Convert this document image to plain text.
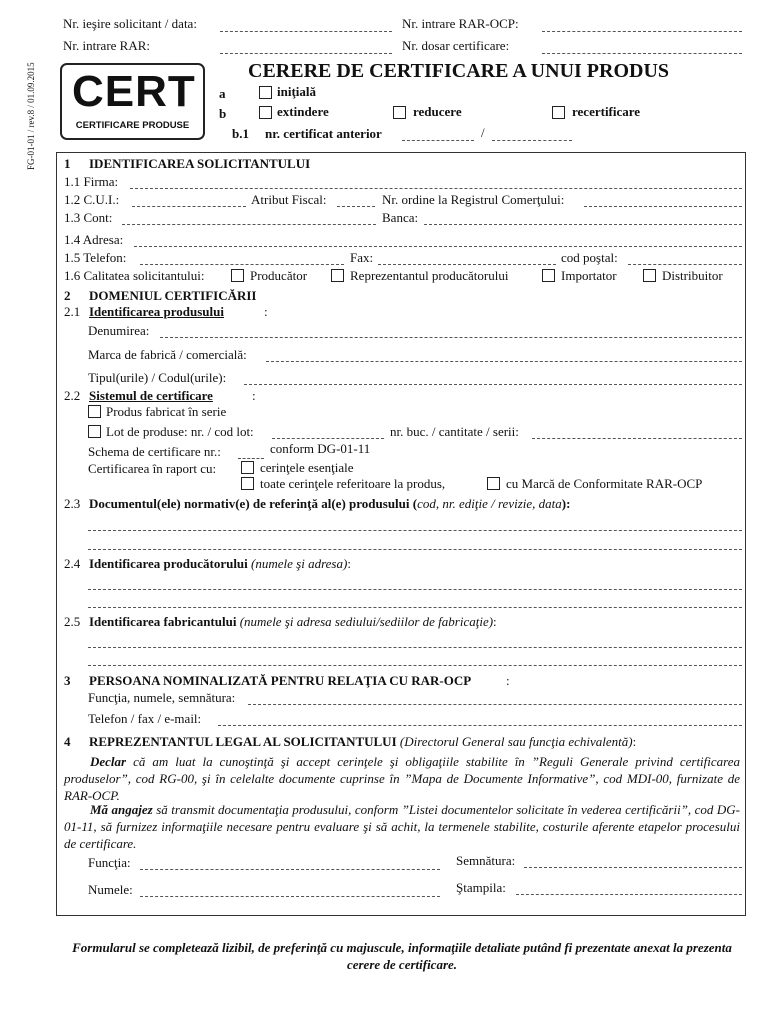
Nr. ieşire solicitant / data:	Nr. intrare RAR-OCP:
Nr. intrare RAR:	Nr. dosar certificare:
FG-01-01 / rev.8 / 01.09.2015 CERT
CERTIFICARE PRODUSE
CERERE DE CERTIFICARE A UNUI PRODUS
a	iniţială
b	extindere	reducere	recertificare
b.1 nr. certificat anterior	/
1 IDENTIFICAREA SOLICITANTULUI
1.1 Firma:
1.2 C.U.I.:	Atribut Fiscal:	Nr. ordine la Registrul Comerţului:
1.3 Cont:	Banca:
1.4 Adresa:
1.5 Telefon:	Fax:	cod poştal:
1.6 Calitatea solicitantului:	Producător	Reprezentantul producătorului	Importator	Distribuitor
2 DOMENIUL CERTIFICĂRII
2.1 Identificarea produsului	:
Denumirea:
Marca de fabrică / comercială:
Tipul(urile) / Codul(urile):
2.2 Sistemul de certificare	:
Produs fabricat în serie
Lot de produse: nr. / cod lot:	nr. buc. / cantitate / serii:
Schema de certificare nr.:	conform DG-01-11
Certificarea în raport cu:	cerinţele esenţiale
toate cerinţele referitoare la produs,	cu Marcă de Conformitate RAR-OCP
2.3 Documentul(ele) normativ(e) de referinţă al(e) produsului (cod, nr. ediţie / revizie, data):
2.4 Identificarea producătorului (numele şi adresa):
2.5 Identificarea fabricantului (numele şi adresa sediului/sediilor de fabricaţie):
3 PERSOANA NOMINALIZATĂ PENTRU RELAŢIA CU RAR-OCP	:
Funcţia, numele, semnătura:
Telefon / fax / e-mail:
4 REPREZENTANTUL LEGAL AL SOLICITANTULUI (Directorul General sau funcţia echivalentă):
Declar că am luat la cunoştinţă şi accept cerinţele şi obligaţiile stabilite în ”Reguli Generale privind certificarea produselor”, cod RG-00, şi în celelalte documente cuprinse în ”Mapa de Documente Informative”, cod MDI-00, furnizate de RAR-OCP.
Mă angajez să transmit documentaţia produsului, conform ”Listei documentelor solicitate în vederea certificării”, cod DG-01-11, să furnizez informaţiile necesare pentru evaluare şi să achit, la termenele stabilite, costurile aferente etapelor procesului de certificare.
Funcţia:	Semnătura:
Numele:	Ştampila:
Formularul se completează lizibil, de preferinţă cu majuscule, informaţiile detaliate putând fi prezentate anexat la prezenta cerere de certificare.
